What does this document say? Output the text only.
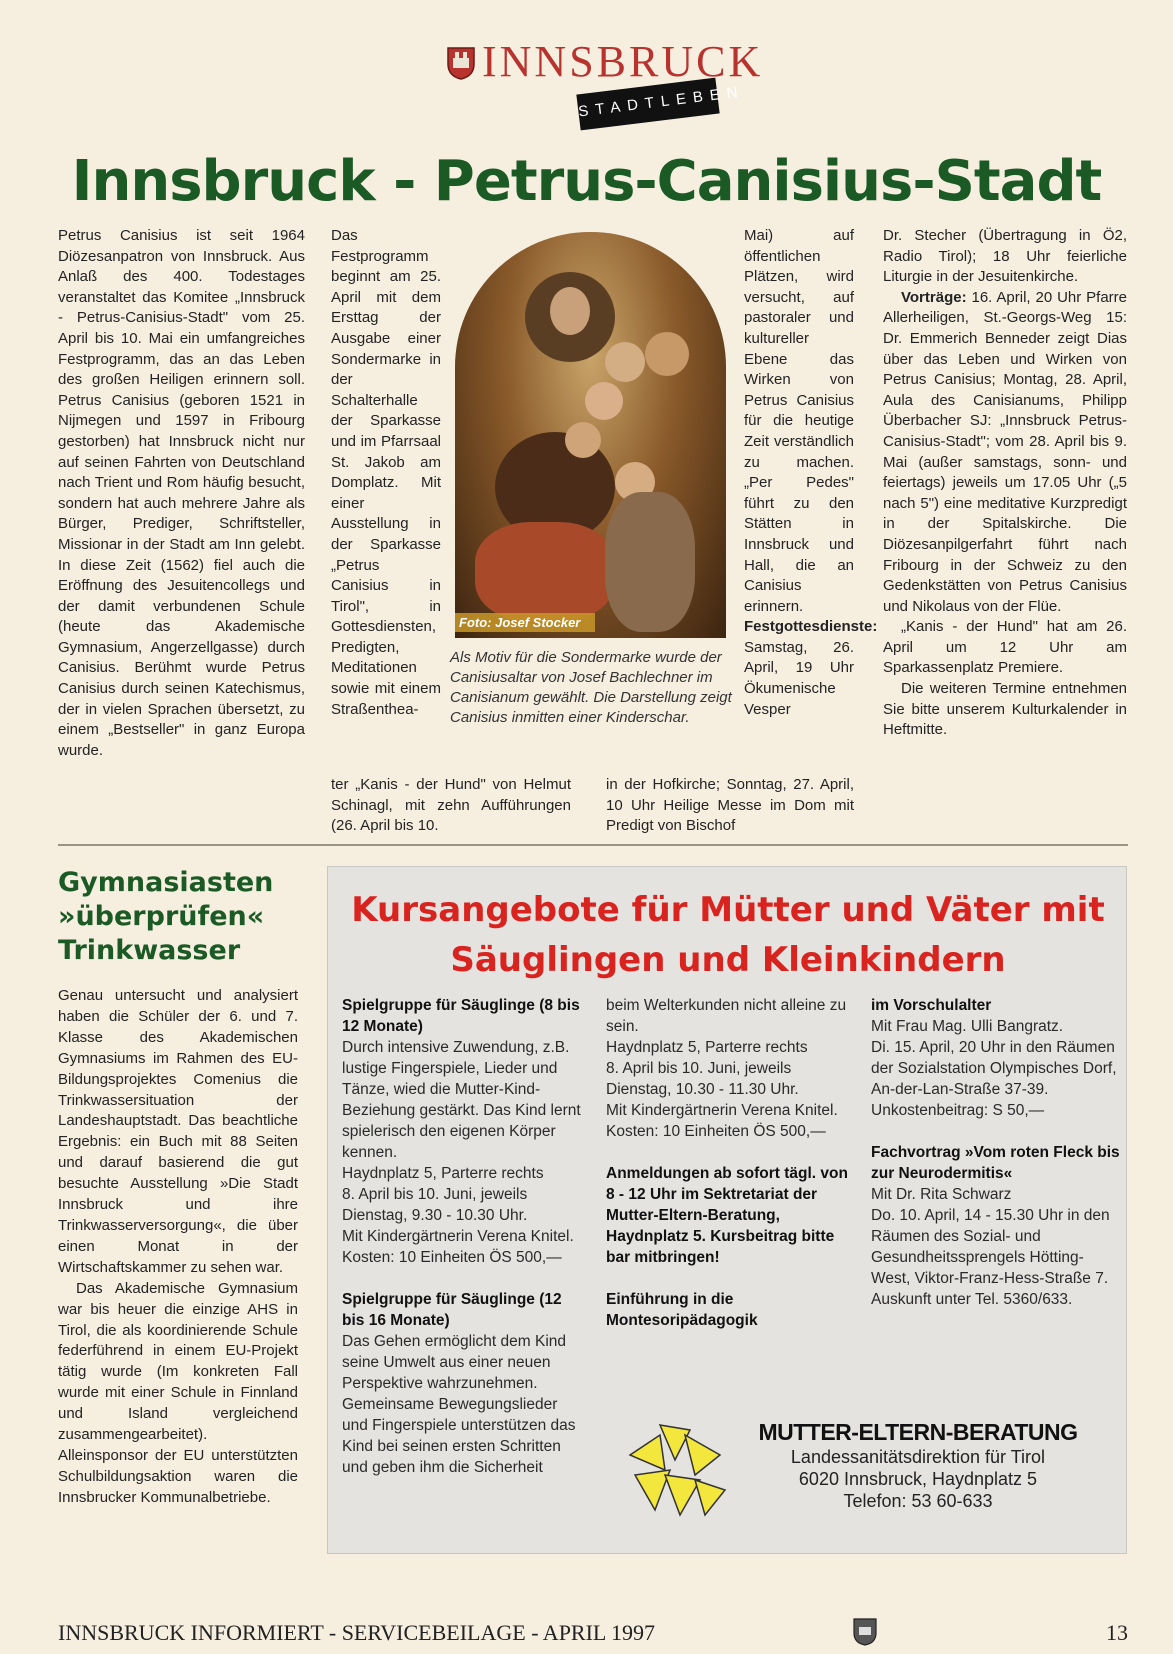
INNSBRUCK
STADTLEBEN
Innsbruck - Petrus-Canisius-Stadt

Petrus Canisius ist seit 1964 Diözesanpatron von Innsbruck. Aus Anlaß des 400. Todestages veranstaltet das Komitee „Innsbruck - Petrus-Canisius-Stadt" vom 25. April bis 10. Mai ein umfangreiches Festprogramm, das an das Leben des großen Heiligen erinnern soll. Petrus Canisius (geboren 1521 in Nijmegen und 1597 in Fribourg gestorben) hat Innsbruck nicht nur auf seinen Fahrten von Deutschland nach Trient und Rom häufig besucht, sondern hat auch mehrere Jahre als Bürger, Prediger, Schriftsteller, Missionar in der Stadt am Inn gelebt. In diese Zeit (1562) fiel auch die Eröffnung des Jesuitencollegs und der damit verbundenen Schule (heute das Akademische Gymnasium, Angerzellgasse) durch Canisius. Berühmt wurde Petrus Canisius durch seinen Katechismus, der in vielen Sprachen übersetzt, zu einem „Bestseller" in ganz Europa wurde.

Das Festprogramm beginnt am 25. April mit dem Ersttag der Ausgabe einer Sondermarke in der Schalterhalle der Sparkasse und im Pfarrsaal St. Jakob am Domplatz. Mit einer Ausstellung in der Sparkasse „Petrus Canisius in Tirol", in Gottesdiensten, Predigten, Meditationen sowie mit einem Straßenthea-

Foto: Josef Stocker
Als Motiv für die Sondermarke wurde der Canisiusaltar von Josef Bachlechner im Canisianum gewählt. Die Darstellung zeigt Canisius inmitten einer Kinderschar.

Mai) auf öffentlichen Plätzen, wird versucht, auf pastoraler und kultureller Ebene das Wirken von Petrus Canisius für die heutige Zeit verständlich zu machen. „Per Pedes" führt zu den Stätten in Innsbruck und Hall, die an Canisius erinnern.

Festgottesdienste:

Samstag, 26. April, 19 Uhr Ökumenische Vesper

Dr. Stecher (Übertragung in Ö2, Radio Tirol); 18 Uhr feierliche Liturgie in der Jesuitenkirche.

Vorträge: 16. April, 20 Uhr Pfarre Allerheiligen, St.-Georgs-Weg 15: Dr. Emmerich Benneder zeigt Dias über das Leben und Wirken von Petrus Canisius; Montag, 28. April, Aula des Canisianums, Philipp Überbacher SJ: „Innsbruck Petrus-Canisius-Stadt"; vom 28. April bis 9. Mai (außer samstags, sonn- und feiertags) jeweils um 17.05 Uhr („5 nach 5") eine meditative Kurzpredigt in der Spitalskirche. Die Diözesanpilgerfahrt führt nach Fribourg in der Schweiz zu den Gedenkstätten von Petrus Canisius und Nikolaus von der Flüe.

„Kanis - der Hund" hat am 26. April um 12 Uhr am Sparkassenplatz Premiere.

Die weiteren Termine entnehmen Sie bitte unserem Kulturkalender in Heftmitte.

ter „Kanis - der Hund" von Helmut Schinagl, mit zehn Aufführungen (26. April bis 10.

in der Hofkirche; Sonntag, 27. April, 10 Uhr Heilige Messe im Dom mit Predigt von Bischof

Gymnasiasten »überprüfen« Trinkwasser

Genau untersucht und analysiert haben die Schüler der 6. und 7. Klasse des Akademischen Gymnasiums im Rahmen des EU-Bildungsprojektes Comenius die Trinkwassersituation der Landeshauptstadt. Das beachtliche Ergebnis: ein Buch mit 88 Seiten und darauf basierend die gut besuchte Ausstellung »Die Stadt Innsbruck und ihre Trinkwasserversorgung«, die über einen Monat in der Wirtschaftskammer zu sehen war.

Das Akademische Gymnasium war bis heuer die einzige AHS in Tirol, die als koordinierende Schule federführend in einem EU-Projekt tätig wurde (Im konkreten Fall wurde mit einer Schule in Finnland und Island vergleichend zusammengearbeitet). Alleinsponsor der EU unterstützten Schulbildungsaktion waren die Innsbrucker Kommunalbetriebe.

Kursangebote für Mütter und Väter mit Säuglingen und Kleinkindern
Spielgruppe für Säuglinge (8 bis 12 Monate)
Durch intensive Zuwendung, z.B. lustige Fingerspiele, Lieder und Tänze, wied die Mutter-Kind-Beziehung gestärkt. Das Kind lernt spielerisch den eigenen Körper kennen.
Haydnplatz 5, Parterre rechts
8. April bis 10. Juni, jeweils
Dienstag, 9.30 - 10.30 Uhr.
Mit Kindergärtnerin Verena Knitel.
Kosten: 10 Einheiten ÖS 500,—
Spielgruppe für Säuglinge (12 bis 16 Monate)
Das Gehen ermöglicht dem Kind seine Umwelt aus einer neuen Perspektive wahrzunehmen. Gemeinsame Bewegungslieder und Fingerspiele unterstützen das Kind bei seinen ersten Schritten und geben ihm die Sicherheit
beim Welterkunden nicht alleine zu sein.
Haydnplatz 5, Parterre rechts
8. April bis 10. Juni, jeweils
Dienstag, 10.30 - 11.30 Uhr.
Mit Kindergärtnerin Verena Knitel.
Kosten: 10 Einheiten ÖS 500,—
Anmeldungen ab sofort tägl. von 8 - 12 Uhr im Sektretariat der Mutter-Eltern-Beratung, Haydnplatz 5. Kursbeitrag bitte bar mitbringen!
Einführung in die Montesoripädagogik
im Vorschulalter
Mit Frau Mag. Ulli Bangratz.
Di. 15. April, 20 Uhr in den Räumen der Sozialstation Olympisches Dorf, An-der-Lan-Straße 37-39.
Unkostenbeitrag: S 50,—
Fachvortrag »Vom roten Fleck bis zur Neurodermitis«
Mit Dr. Rita Schwarz
Do. 10. April, 14 - 15.30 Uhr in den Räumen des Sozial- und Gesundheitssprengels Hötting-West, Viktor-Franz-Hess-Straße 7.
Auskunft unter Tel. 5360/633.
MUTTER-ELTERN-BERATUNG
Landessanitätsdirektion für Tirol
6020 Innsbruck, Haydnplatz 5
Telefon: 53 60-633
INNSBRUCK INFORMIERT - SERVICEBEILAGE - APRIL 1997	13
